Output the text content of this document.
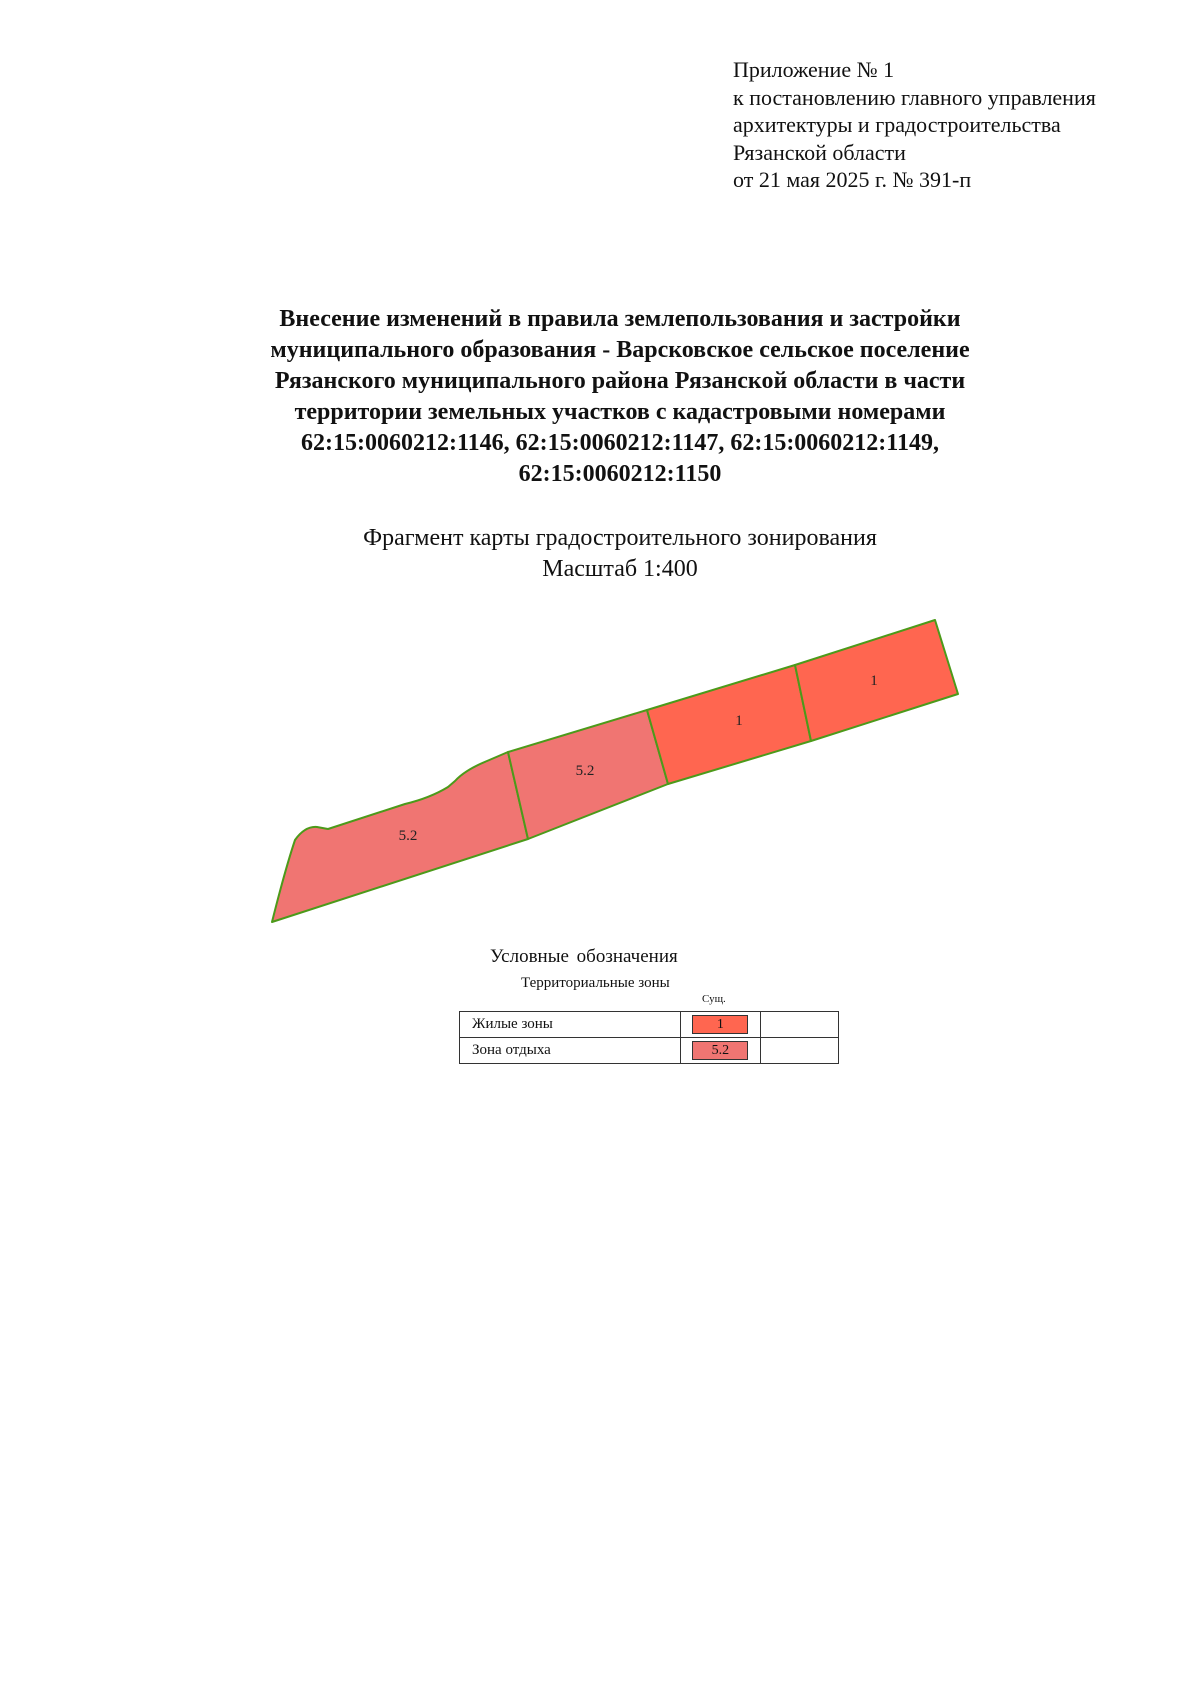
Приложение № 1
к постановлению главного управления
архитектуры и градостроительства
Рязанской области
от 21 мая 2025 г. № 391-п
Внесение изменений в правила землепользования и застройки
муниципального образования - Варсковское сельское поселение
Рязанского муниципального района Рязанской области в части
территории земельных участков с кадастровыми номерами
62:15:0060212:1146, 62:15:0060212:1147, 62:15:0060212:1149,
62:15:0060212:1150
Фрагмент карты градостроительного зонирования
Масштаб 1:400
1
1
5.2
5.2
Условные обозначения
Территориальные зоны
Сущ.
Жилые зоны	1	
Зона отдыха	5.2	
